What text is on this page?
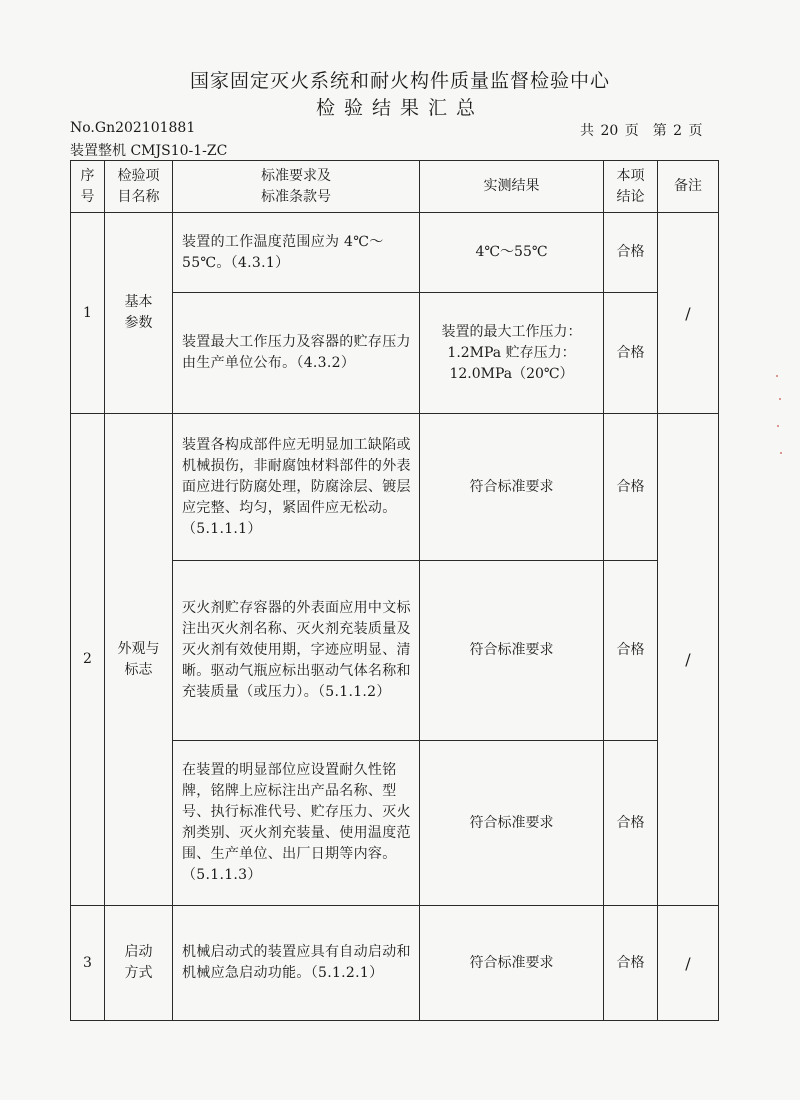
国家固定灭火系统和耐火构件质量监督检验中心
检验结果汇总
No.Gn202101881	共 20 页　第 2 页
装置整机 CMJS10-1-ZC
序号	检验项目名称	标准要求及标准条款号	实测结果	本项结论	备注
1	基本参数	装置的工作温度范围应为 4℃～55℃。（4.3.1）	4℃～55℃	合格	/
		装置最大工作压力及容器的贮存压力由生产单位公布。（4.3.2）	装置的最大工作压力：1.2MPa 贮存压力：12.0MPa（20℃）	合格	
2	外观与标志	装置各构成部件应无明显加工缺陷或机械损伤，非耐腐蚀材料部件的外表面应进行防腐处理，防腐涂层、镀层应完整、均匀，紧固件应无松动。（5.1.1.1）	符合标准要求	合格	/
		灭火剂贮存容器的外表面应用中文标注出灭火剂名称、灭火剂充装质量及灭火剂有效使用期，字迹应明显、清晰。驱动气瓶应标出驱动气体名称和充装质量（或压力）。（5.1.1.2）	符合标准要求	合格	
		在装置的明显部位应设置耐久性铭牌，铭牌上应标注出产品名称、型号、执行标准代号、贮存压力、灭火剂类别、灭火剂充装量、使用温度范围、生产单位、出厂日期等内容。（5.1.1.3）	符合标准要求	合格	
3	启动方式	机械启动式的装置应具有自动启动和机械应急启动功能。（5.1.2.1）	符合标准要求	合格	/
